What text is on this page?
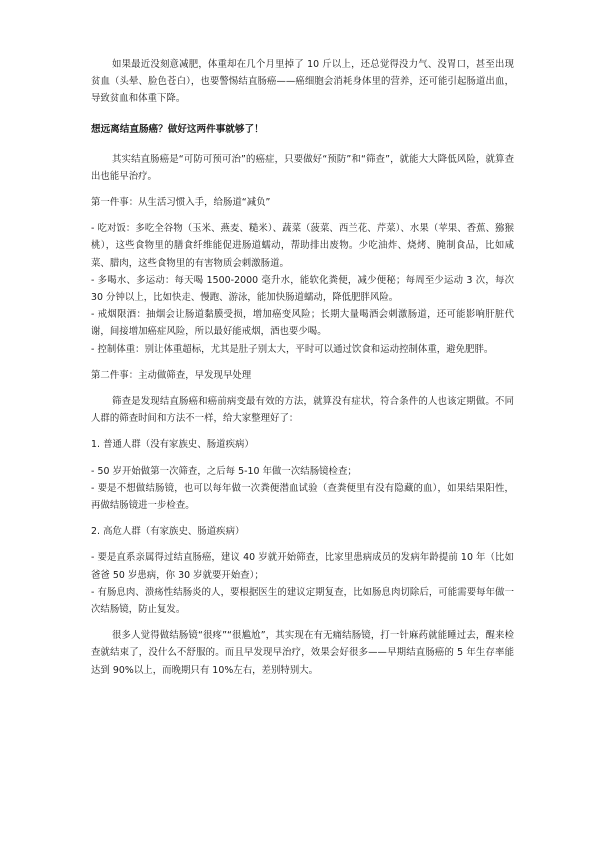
如果最近没刻意减肥，体重却在几个月里掉了 10 斤以上，还总觉得没力气、没胃口，甚至出现贫血（头晕、脸色苍白），也要警惕结直肠癌——癌细胞会消耗身体里的营养，还可能引起肠道出血，导致贫血和体重下降。

想远离结直肠癌？做好这两件事就够了！

其实结直肠癌是“可防可预可治”的癌症，只要做好“预防”和“筛查”，就能大大降低风险，就算查出也能早治疗。

第一件事：从生活习惯入手，给肠道“减负”

- 吃对饭：多吃全谷物（玉米、燕麦、糙米）、蔬菜（菠菜、西兰花、芹菜）、水果（苹果、香蕉、猕猴桃），这些食物里的膳食纤维能促进肠道蠕动，帮助排出废物。少吃油炸、烧烤、腌制食品，比如咸菜、腊肉，这些食物里的有害物质会刺激肠道。

- 多喝水、多运动：每天喝 1500-2000 毫升水，能软化粪便，减少便秘；每周至少运动 3 次，每次 30 分钟以上，比如快走、慢跑、游泳，能加快肠道蠕动，降低肥胖风险。

- 戒烟限酒：抽烟会让肠道黏膜受损，增加癌变风险；长期大量喝酒会刺激肠道，还可能影响肝脏代谢，间接增加癌症风险，所以最好能戒烟，酒也要少喝。

- 控制体重：别让体重超标，尤其是肚子别太大，平时可以通过饮食和运动控制体重，避免肥胖。

第二件事：主动做筛查，早发现早处理

筛查是发现结直肠癌和癌前病变最有效的方法，就算没有症状，符合条件的人也该定期做。不同人群的筛查时间和方法不一样，给大家整理好了：

1. 普通人群（没有家族史、肠道疾病）

- 50 岁开始做第一次筛查，之后每 5-10 年做一次结肠镜检查；

- 要是不想做结肠镜，也可以每年做一次粪便潜血试验（查粪便里有没有隐藏的血），如果结果阳性，再做结肠镜进一步检查。

2. 高危人群（有家族史、肠道疾病）

- 要是直系亲属得过结直肠癌，建议 40 岁就开始筛查，比家里患病成员的发病年龄提前 10 年（比如爸爸 50 岁患病，你 30 岁就要开始查）；

- 有肠息肉、溃疡性结肠炎的人，要根据医生的建议定期复查，比如肠息肉切除后，可能需要每年做一次结肠镜，防止复发。

很多人觉得做结肠镜“很疼”“很尴尬”，其实现在有无痛结肠镜，打一针麻药就能睡过去，醒来检查就结束了，没什么不舒服的。而且早发现早治疗，效果会好很多——早期结直肠癌的 5 年生存率能达到 90%以上，而晚期只有 10%左右，差别特别大。
